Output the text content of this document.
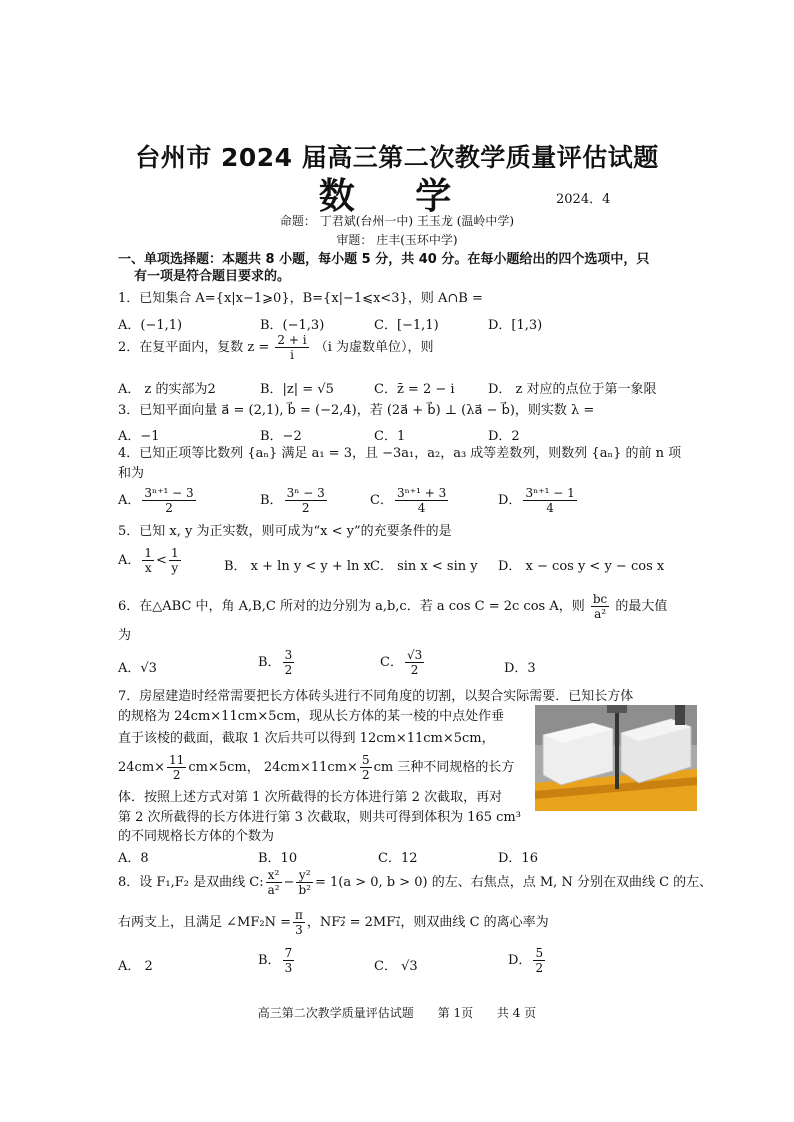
台州市 2024 届高三第二次教学质量评估试题
数 学	2024．4
命题： 丁君斌(台州一中) 王玉龙 (温岭中学)
审题： 庄丰(玉环中学)
一、单项选择题：本题共 8 小题，每小题 5 分，共 40 分。在每小题给出的四个选项中，只
有一项是符合题目要求的。
1．已知集合 A={x|x−1⩾0}，B={x|−1⩽x<3}，则 A∩B =
A．(−1,1)	B．(−1,3)	C．[−1,1)	D．[1,3)
2．在复平面内，复数 $z = \frac{2 + i}{i} (i$ 为虚数单位），则
A． z 的实部为2	B．|z| = √5	C．z̄ = 2 − i	D． z 对应的点位于第一象限
3．已知平面向量 a⃗ = (2,1), b⃗ = (−2,4)，若 (2a⃗ + b⃗) ⊥ (λa⃗ − b⃗)，则实数 λ =
A．−1	B．−2	C．1	D．2
4．已知正项等比数列 {aₙ} 满足 a₁ = 3，且 −3a₁，a₂，a₃ 成等差数列，则数列 {aₙ} 的前 n 项
和为
A． $\frac{\text{3ⁿ⁺¹ − 3}}{2}$	B． $\frac{\text{3ⁿ − 3}}{2}$	C． $\frac{\text{3ⁿ⁺¹ + 3}}{4}$	D． $\frac{\text{3ⁿ⁺¹ − 1}}{4}$
5．已知 x, y 为正实数，则可成为“x < y”的充要条件的是
A． $\frac{1}{x} < \frac{1}{y}$	B． x + ln y < y + ln x C． sin x < sin y D． x − cos y < y − cos x
6．在△ABC 中，角 A,B,C 所对的边分别为 a,b,c．若 a cos C = 2c cos A，则 $\frac{bc}{\text{a²}}$ 的最大值
为
A．√3	B． $\frac{3}{2}$	C． $\frac{√3}{2}$	D．3
7．房屋建造时经常需要把长方体砖头进行不同角度的切割，以契合实际需要．已知长方体
的规格为 24cm×11cm×5cm，现从长方体的某一棱的中点处作垂
直于该棱的截面，截取 1 次后共可以得到 12cm×11cm×5cm，
$24cm\times \frac{11}{2} cm\times 5cm$， $24cm\times 11cm\times \frac{5}{2}$ cm 三种不同规格的长方
体．按照上述方式对第 1 次所截得的长方体进行第 2 次截取，再对
第 2 次所截得的长方体进行第 3 次截取，则共可得到体积为 165 cm³
的不同规格长方体的个数为
A．8	B．10	C．12	D．16
8．设 F₁,F₂ 是双曲线 C: $\frac{\text{x²}}{\text{a²}} - \frac{\text{y²}}{\text{b²}} = 1(a > 0$, b > 0) 的左、右焦点，点 M, N 分别在双曲线 C 的左、
右两支上，且满足 ∠MF₂N = $\frac{\pi}{3}$ ，NF₂⃗ = 2MF₁⃗，则双曲线 C 的离心率为
A． 2	B． $\frac{7}{3}$	C． √3	D． $\frac{5}{2}$
高三第二次教学质量评估试题 第 1页 共 4 页
